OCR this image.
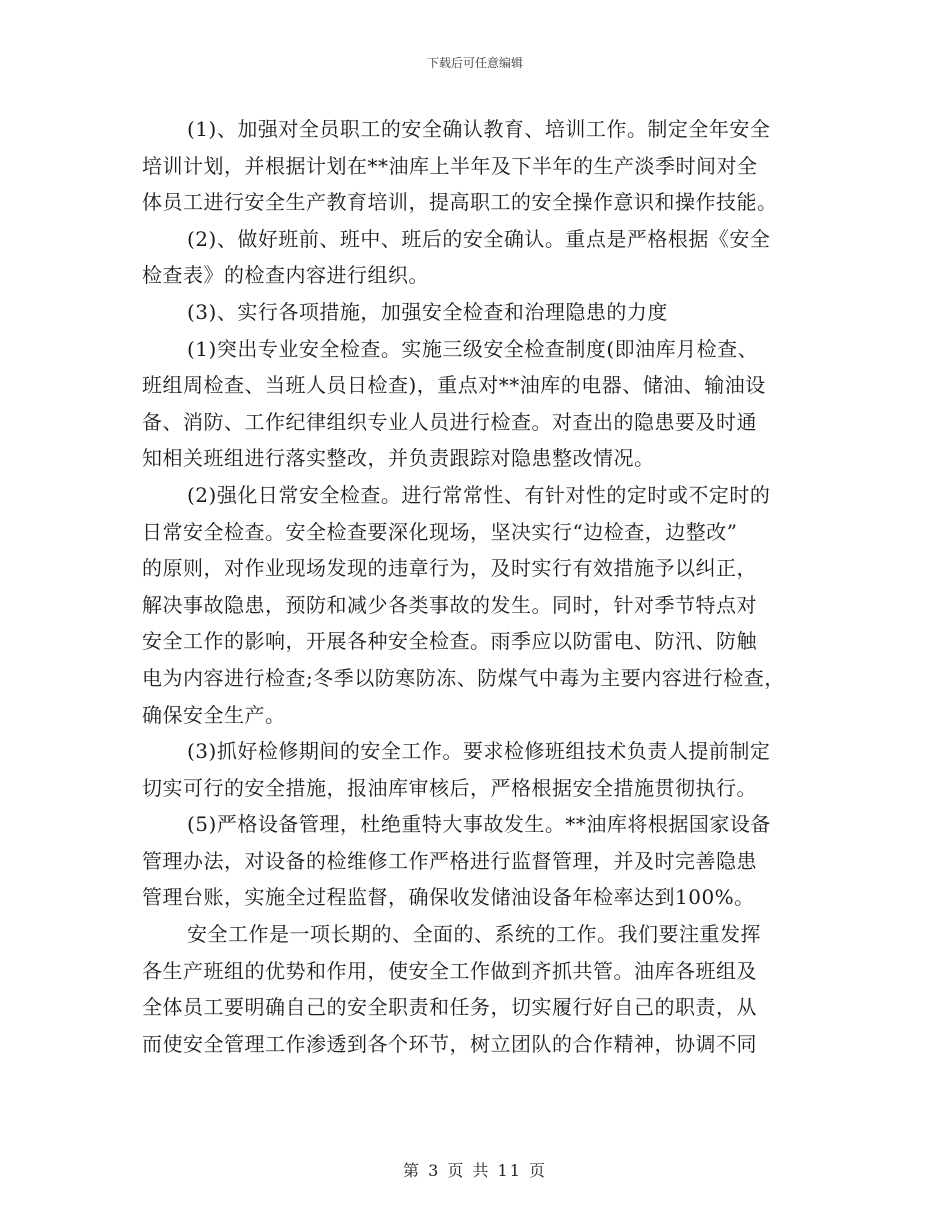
下载后可任意编辑
(1)、加强对全员职工的安全确认教育、培训工作。制定全年安全
培训计划，并根据计划在**油库上半年及下半年的生产淡季时间对全
体员工进行安全生产教育培训，提高职工的安全操作意识和操作技能。
(2)、做好班前、班中、班后的安全确认。重点是严格根据《安全
检查表》的检查内容进行组织。
(3)、实行各项措施，加强安全检查和治理隐患的力度
(1)突出专业安全检查。实施三级安全检查制度(即油库月检查、
班组周检查、当班人员日检查)，重点对**油库的电器、储油、输油设
备、消防、工作纪律组织专业人员进行检查。对查出的隐患要及时通
知相关班组进行落实整改，并负责跟踪对隐患整改情况。
(2)强化日常安全检查。进行常常性、有针对性的定时或不定时的
日常安全检查。安全检查要深化现场，坚决实行“边检查，边整改”
的原则，对作业现场发现的违章行为，及时实行有效措施予以纠正，
解决事故隐患，预防和减少各类事故的发生。同时，针对季节特点对
安全工作的影响，开展各种安全检查。雨季应以防雷电、防汛、防触
电为内容进行检查;冬季以防寒防冻、防煤气中毒为主要内容进行检查，
确保安全生产。
(3)抓好检修期间的安全工作。要求检修班组技术负责人提前制定
切实可行的安全措施，报油库审核后，严格根据安全措施贯彻执行。
(5)严格设备管理，杜绝重特大事故发生。**油库将根据国家设备
管理办法，对设备的检维修工作严格进行监督管理，并及时完善隐患
管理台账，实施全过程监督，确保收发储油设备年检率达到100%。
安全工作是一项长期的、全面的、系统的工作。我们要注重发挥
各生产班组的优势和作用，使安全工作做到齐抓共管。油库各班组及
全体员工要明确自己的安全职责和任务，切实履行好自己的职责，从
而使安全管理工作渗透到各个环节，树立团队的合作精神，协调不同
第 3 页 共 11 页
